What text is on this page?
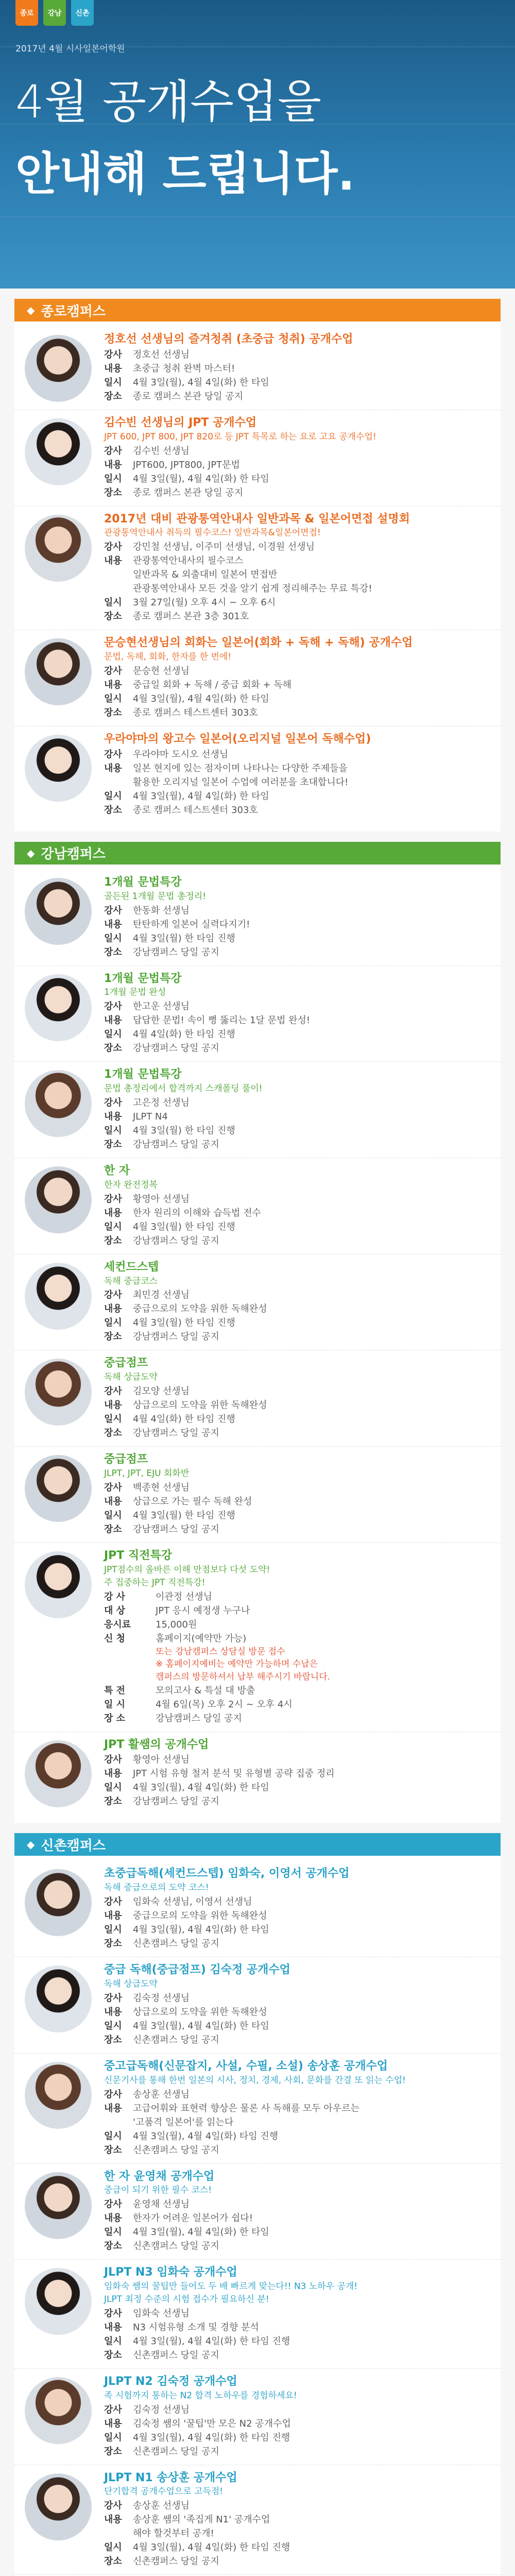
종로	강남	신촌
2017년 4월 시사일본어학원
4월 공개수업을
안내해 드립니다.
◆ 종로캠퍼스
정호선 선생님의 즐겨청취 (초중급 청취) 공개수업
강사	정호선 선생님
내용	초중급 청취 완벽 마스터!
일시	4월 3일(월), 4월 4일(화) 한 타임
장소	종로 캠퍼스 본관 당일 공지
김수빈 선생님의 JPT 공개수업
JPT 600, JPT 800, JPT 820로 등 JPT 특목로 하는 요로 고요 공개수업!
강사	김수빈 선생님
내용	JPT600, JPT800, JPT문법
일시	4월 3일(월), 4월 4일(화) 한 타임
장소	종로 캠퍼스 본관 당일 공지
2017년 대비 관광통역안내사 일반과목 & 일본어면접 설명회
관광통역안내사 취득의 필수코스! 일반과목&일본어면접!
강사	강민철 선생님, 이주미 선생님, 이경원 선생님
내용	관광통역안내사의 필수코스
일반과목 & 외출대비 일본어 면접반
관광통역안내사 모든 것을 알기 쉽게 정리해주는 무료 특강!
일시	3월 27일(월) 오후 4시 ~ 오후 6시
장소	종로 캠퍼스 본관 3층 301호
문승현선생님의 회화는 일본어(회화 + 독해 + 독해) 공개수업
문법, 독해, 회화, 한자를 한 번에!
강사	문승현 선생님
내용	중급일 회화 + 독해 / 중급 회화 + 독해
일시	4월 3일(월), 4월 4일(화) 한 타임
장소	종로 캠퍼스 테스트센터 303호
우라야마의 왕고수 일본어(오리지널 일본어 독해수업)
강사	우라야마 도시오 선생님
내용	일본 현지에 있는 점자이며 나타나는 다양한 주제들을
활용한 오리지널 일본어 수업에 여러분을 초대합니다!
일시	4월 3일(월), 4월 4일(화) 한 타임
장소	종로 캠퍼스 테스트센터 303호
◆ 강남캠퍼스
1개월 문법특강
골든된 1개월 문법 총정리!
강사	한동화 선생님
내용	탄탄하게 일본어 실력다지기!
일시	4월 3일(월) 한 타임 진행
장소	강남캠퍼스 당일 공지
1개월 문법특강
1개월 문법 완성
강사	한고운 선생님
내용	답답한 문법! 속이 뻥 뚫리는 1달 문법 완성!
일시	4월 4일(화) 한 타임 진행
장소	강남캠퍼스 당일 공지
1개월 문법특강
문법 총정리에서 합격까지 스캐폴딩 풀이!
강사	고은정 선생님
내용	JLPT N4
일시	4월 3일(월) 한 타임 진행
장소	강남캠퍼스 당일 공지
한 자
한자 완전정복
강사	황영아 선생님
내용	한자 원리의 이해와 습득법 전수
일시	4월 3일(월) 한 타임 진행
장소	강남캠퍼스 당일 공지
세컨드스텝
독해 중급코스
강사	최민경 선생님
내용	중급으로의 도약을 위한 독해완성
일시	4월 3일(월) 한 타임 진행
장소	강남캠퍼스 당일 공지
중급점프
독해 상급도약
강사	김모양 선생님
내용	상급으로의 도약을 위한 독해완성
일시	4월 4일(화) 한 타임 진행
장소	강남캠퍼스 당일 공지
중급점프
JLPT, JPT, EJU 회화반
강사	백종현 선생님
내용	상급으로 가는 필수 독해 완성
일시	4월 3일(월) 한 타임 진행
장소	강남캠퍼스 당일 공지
JPT 직전특강
JPT점수의 올바른 이해 만점보다 다섯 도약!
주 집중하는 JPT 직전특강!
강 사	이관정 선생님
대 상	JPT 응시 예정생 누구나
응시료	15,000원
신 청	홈페이지(예약만 가능)
또는 강남캠퍼스 상담실 방문 접수
※ 홈페이지예비는 예약만 가능하며 수납은
캠퍼스의 방문하셔서 납부 해주시기 바랍니다.
특 전	모의고사 & 특설 대 방출
일 시	4월 6일(목) 오후 2시 ~ 오후 4시
장 소	강남캠퍼스 당일 공지
JPT 활쌤의 공개수업
강사	황영아 선생님
내용	JPT 시험 유형 철저 분석 및 유형별 공략 집중 정리
일시	4월 3일(월), 4월 4일(화) 한 타임
장소	강남캠퍼스 당일 공지
◆ 신촌캠퍼스
초중급독해(세컨드스텝) 임화숙, 이영서 공개수업
독해 중급으로의 도약 코스!
강사	임화숙 선생님, 이영서 선생님
내용	중급으로의 도약을 위한 독해완성
일시	4월 3일(월), 4월 4일(화) 한 타임
장소	신촌캠퍼스 당일 공지
중급 독해(중급점프) 김숙정 공개수업
독해 상급도약
강사	김숙정 선생님
내용	상급으로의 도약을 위한 독해완성
일시	4월 3일(월), 4월 4일(화) 한 타임
장소	신촌캠퍼스 당일 공지
중고급독해(신문잡지, 사설, 수필, 소설) 송상훈 공개수업
신문기사를 통해 한번 일본의 시사, 정치, 경제, 사회, 문화를 간결 또 읽는 수업!
강사	송상훈 선생님
내용	고급어휘와 표현력 향상은 물론 사 독해를 모두 아우르는
'고품격 일본어'를 읽는다
일시	4월 3일(월), 4월 4일(화) 타임 진행
장소	신촌캠퍼스 당일 공지
한 자 윤영채 공개수업
중급이 되기 위한 필수 코스!
강사	윤영채 선생님
내용	한자가 어려운 일본어가 쉽다!
일시	4월 3일(월), 4월 4일(화) 한 타임
장소	신촌캠퍼스 당일 공지
JLPT N3 임화숙 공개수업
임화숙 쌤의 꿀팁만 들어도 두 배 빠르게 맞는다!! N3 노하우 공개!
JLPT 최정 수준의 시험 접수가 필요하신 분!
강사	임화숙 선생님
내용	N3 시험유형 소개 및 경향 분석
일시	4월 3일(월), 4월 4일(화) 한 타임 진행
장소	신촌캠퍼스 당일 공지
JLPT N2 김숙정 공개수업
족 시험까지 통하는 N2 합격 노하우를 경험하세요!
강사	김숙정 선생님
내용	김숙정 쌤의 '꿀팁'만 모은 N2 공개수업
일시	4월 3일(월), 4월 4일(화) 한 타임 진행
장소	신촌캠퍼스 당일 공지
JLPT N1 송상훈 공개수업
단기합격 공개수업으로 고득점!
강사	송상훈 선생님
내용	송상훈 쌤의 '족집게 N1' 공개수업
해야 할것부터 공개!
일시	4월 3일(월), 4월 4일(화) 한 타임 진행
장소	신촌캠퍼스 당일 공지
